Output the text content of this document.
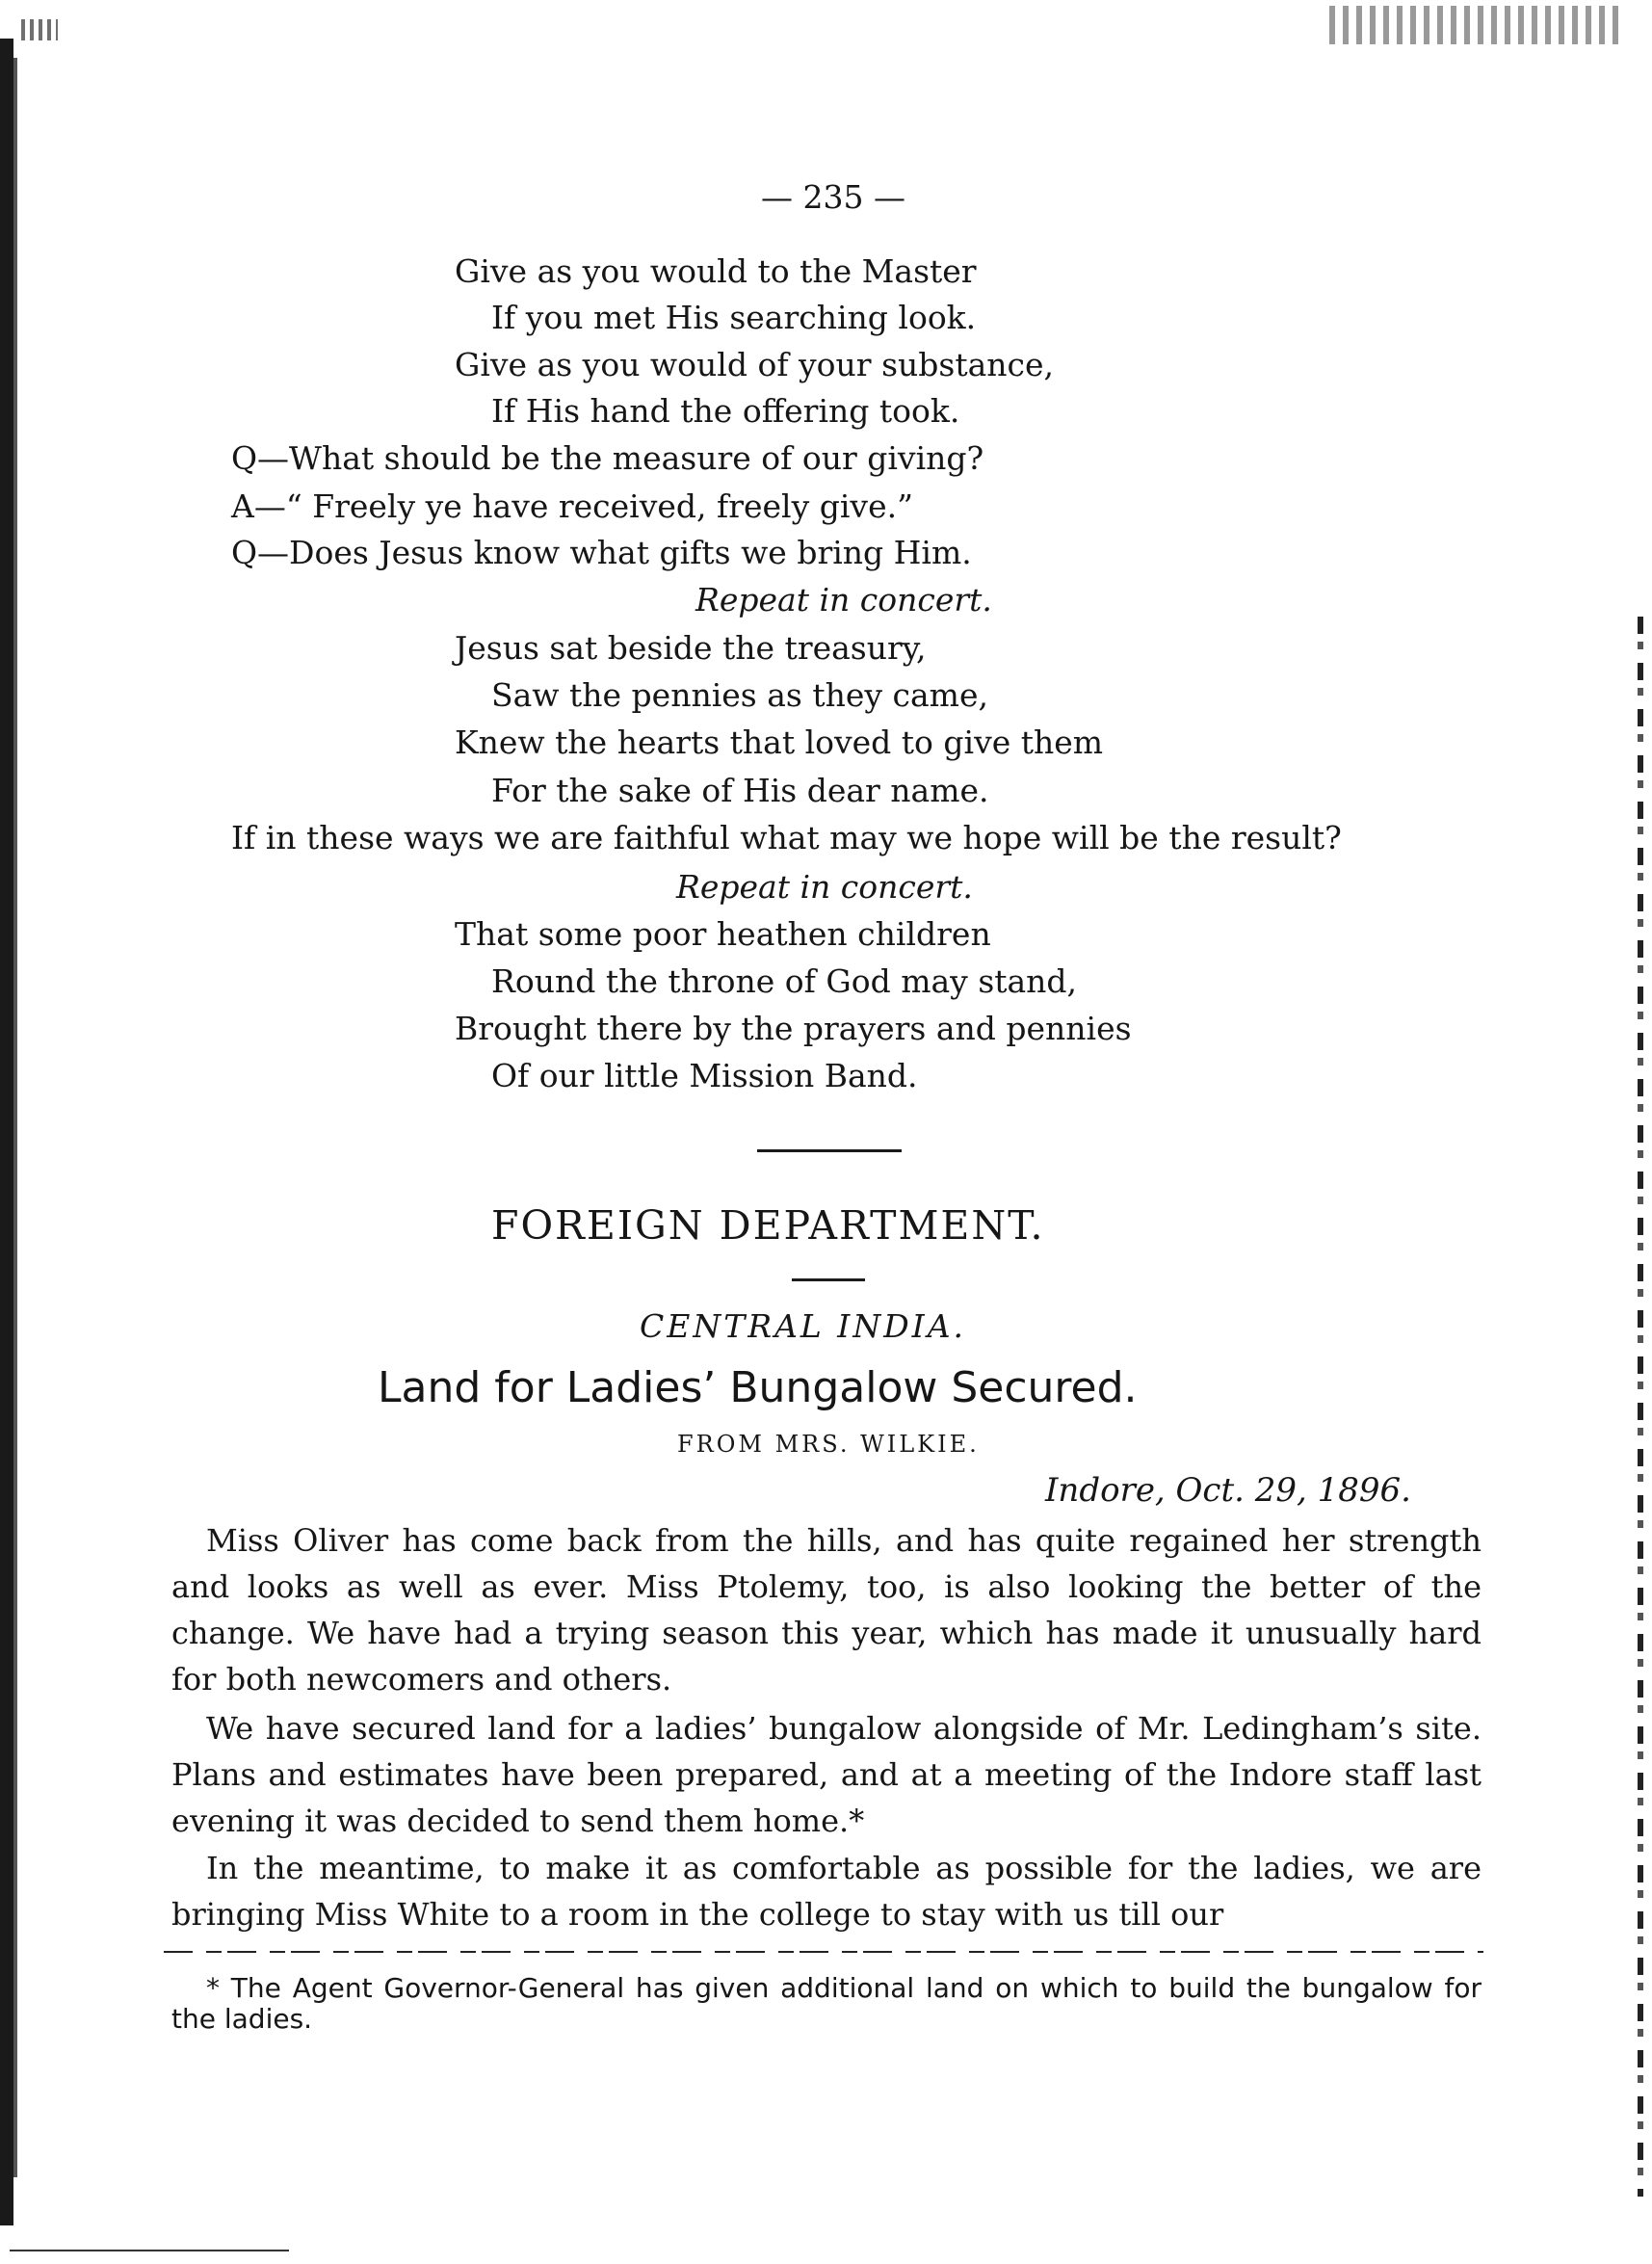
— 235 —
Give as you would to the Master
If you met His searching look.
Give as you would of your substance,
If His hand the offering took.
Q—What should be the measure of our giving?
A—“ Freely ye have received, freely give.”
Q—Does Jesus know what gifts we bring Him.
Repeat in concert.
Jesus sat beside the treasury,
Saw the pennies as they came,
Knew the hearts that loved to give them
For the sake of His dear name.
If in these ways we are faithful what may we hope will be the result?
Repeat in concert.
That some poor heathen children
Round the throne of God may stand,
Brought there by the prayers and pennies
Of our little Mission Band.
FOREIGN DEPARTMENT.
CENTRAL INDIA.
Land for Ladies’ Bungalow Secured.
FROM MRS. WILKIE.
Indore, Oct. 29, 1896.
Miss Oliver has come back from the hills, and has quite regained her strength and looks as well as ever. Miss Ptolemy, too, is also looking the better of the change. We have had a trying season this year, which has made it unusually hard for both newcomers and others.
We have secured land for a ladies’ bungalow alongside of Mr. Ledingham’s site. Plans and estimates have been prepared, and at a meeting of the Indore staff last evening it was decided to send them home.*
In the meantime, to make it as comfortable as possible for the ladies, we are bringing Miss White to a room in the college to stay with us till our
* The Agent Governor-General has given additional land on which to build the bungalow for the ladies.
